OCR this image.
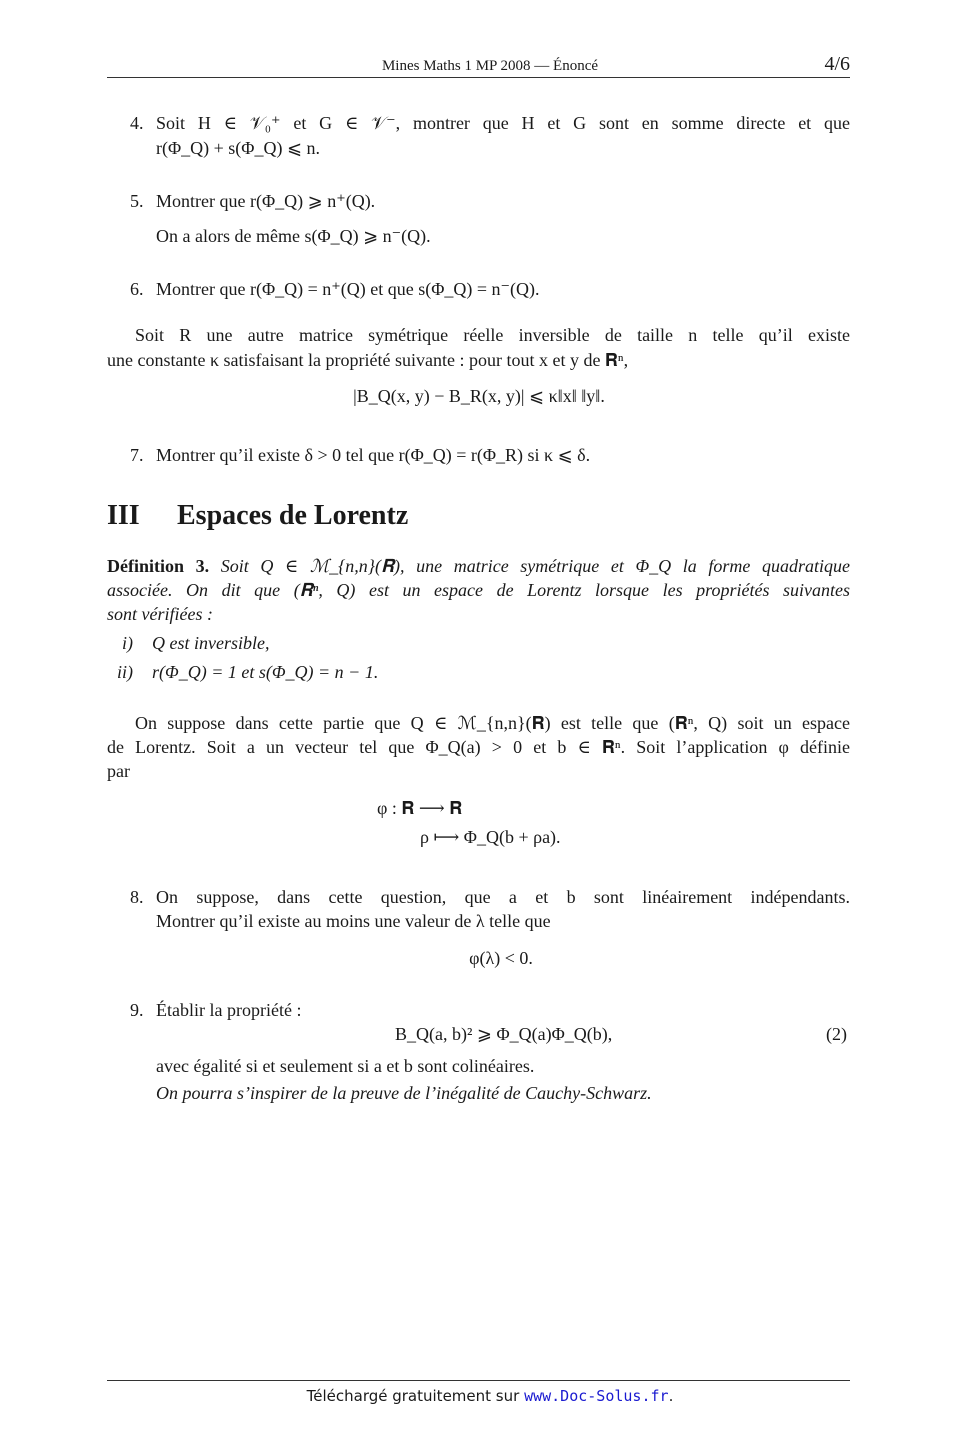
Mines Maths 1 MP 2008 — Énoncé	4/6
4. Soit H ∈ 𝒱₀⁺ et G ∈ 𝒱⁻, montrer que H et G sont en somme directe et que
r(Φ_Q) + s(Φ_Q) ⩽ n.
5. Montrer que r(Φ_Q) ⩾ n⁺(Q).
On a alors de même s(Φ_Q) ⩾ n⁻(Q).
6. Montrer que r(Φ_Q) = n⁺(Q) et que s(Φ_Q) = n⁻(Q).
Soit R une autre matrice symétrique réelle inversible de taille n telle qu’il existe
une constante κ satisfaisant la propriété suivante : pour tout x et y de 𝐑ⁿ,
|B_Q(x, y) − B_R(x, y)| ⩽ κ‖x‖ ‖y‖.
7. Montrer qu’il existe δ > 0 tel que r(Φ_Q) = r(Φ_R) si κ ⩽ δ.
III Espaces de Lorentz
Définition 3. Soit Q ∈ ℳ_{n,n}(𝐑), une matrice symétrique et Φ_Q la forme quadratique
associée. On dit que (𝐑ⁿ, Q) est un espace de Lorentz lorsque les propriétés suivantes
sont vérifiées :
i) Q est inversible,
ii) r(Φ_Q) = 1 et s(Φ_Q) = n − 1.
On suppose dans cette partie que Q ∈ ℳ_{n,n}(𝐑) est telle que (𝐑ⁿ, Q) soit un espace
de Lorentz. Soit a un vecteur tel que Φ_Q(a) > 0 et b ∈ 𝐑ⁿ. Soit l’application φ définie
par
φ : 𝐑 ⟶ 𝐑
ρ ⟼ Φ_Q(b + ρa).
8. On suppose, dans cette question, que a et b sont linéairement indépendants.
Montrer qu’il existe au moins une valeur de λ telle que
φ(λ) < 0.
9. Établir la propriété :
B_Q(a, b)² ⩾ Φ_Q(a)Φ_Q(b),	(2)
avec égalité si et seulement si a et b sont colinéaires.
On pourra s’inspirer de la preuve de l’inégalité de Cauchy-Schwarz.
Téléchargé gratuitement sur www.Doc-Solus.fr.
